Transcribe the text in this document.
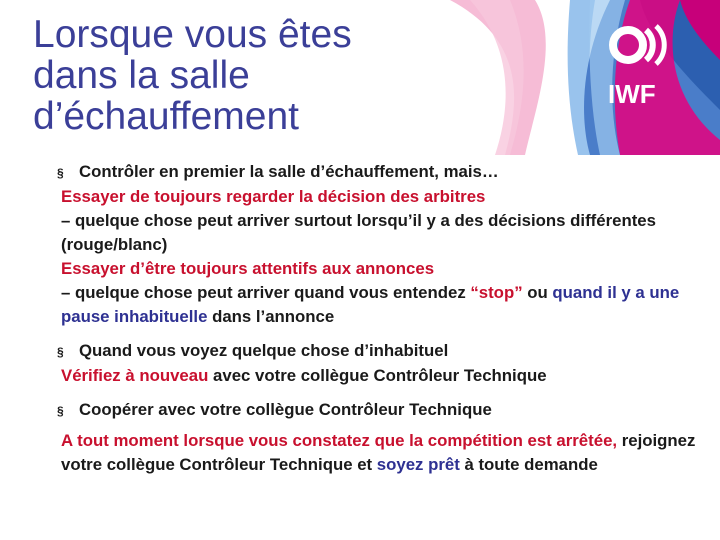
Lorsque vous êtes
dans la salle
d’échauffement
IWF
§ Contrôler en premier la salle d’échauffement, mais…

Essayer de toujours regarder la décision des arbitres

– quelque chose peut arriver surtout lorsqu’il y a des décisions différentes (rouge/blanc)

Essayer d’être toujours attentifs aux annonces

– quelque chose peut arriver quand vous entendez “stop” ou quand il y a une pause inhabituelle dans l’annonce

§ Quand vous voyez quelque chose d’inhabituel

Vérifiez à nouveau avec votre collègue Contrôleur Technique

§ Coopérer avec votre collègue Contrôleur Technique

A tout moment lorsque vous constatez que la compétition est arrêtée, rejoignez votre collègue Contrôleur Technique et soyez prêt à toute demande
